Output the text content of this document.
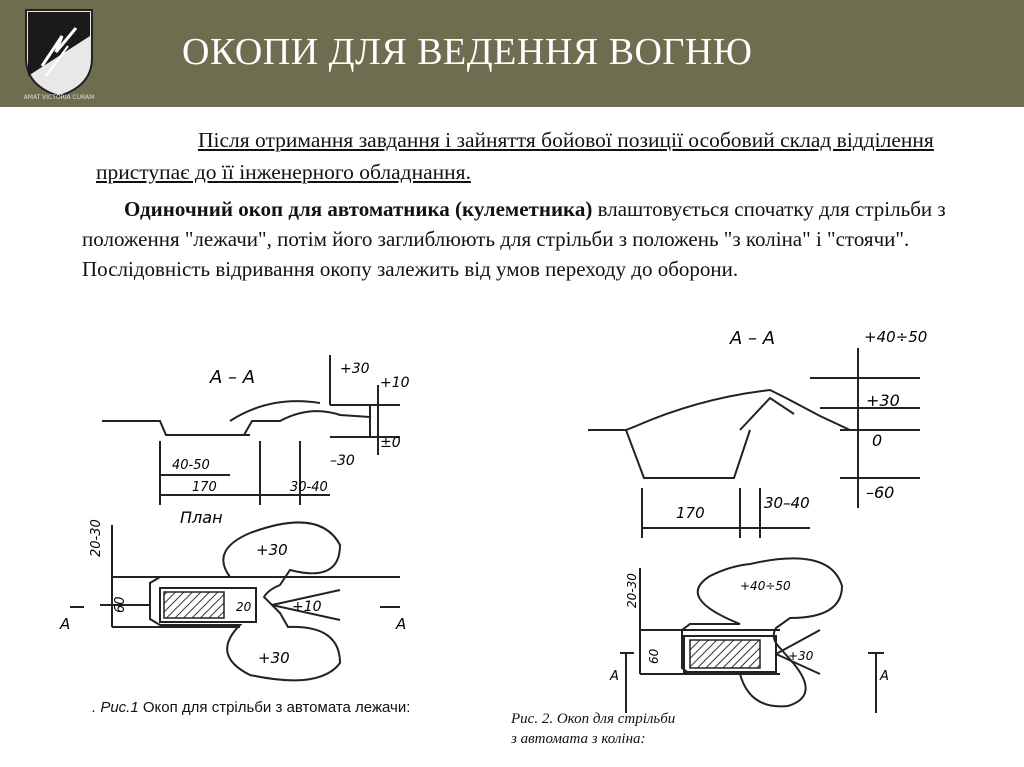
AMAT VICTORIA CURAM
ОКОПИ ДЛЯ ВЕДЕННЯ ВОГНЮ
Після отримання завдання і зайняття бойової позиції особовий склад відділення приступає до її інженерного обладнання.
Одиночний окоп для автоматника (кулеметника) влаштовується спочатку для стрільби з положення "лежачи", потім його заглиблюють для стрільби з положень "з коліна" і "стоячи". Послідовність відривання окопу залежить від умов переходу до оборони.
А – А	+30
+10
±0
–30
40-50
170	30-40
План
20-30
60
+30
+30
+10
20
А	А
. Рис.1 Окоп для стрільби з автомата лежачи:
А – А	+40÷50
+30
0
–60
170
30–40
20-30
60
+40÷50
+30
А	А
Рис. 2. Окоп для стрільби
з автомата з коліна:
